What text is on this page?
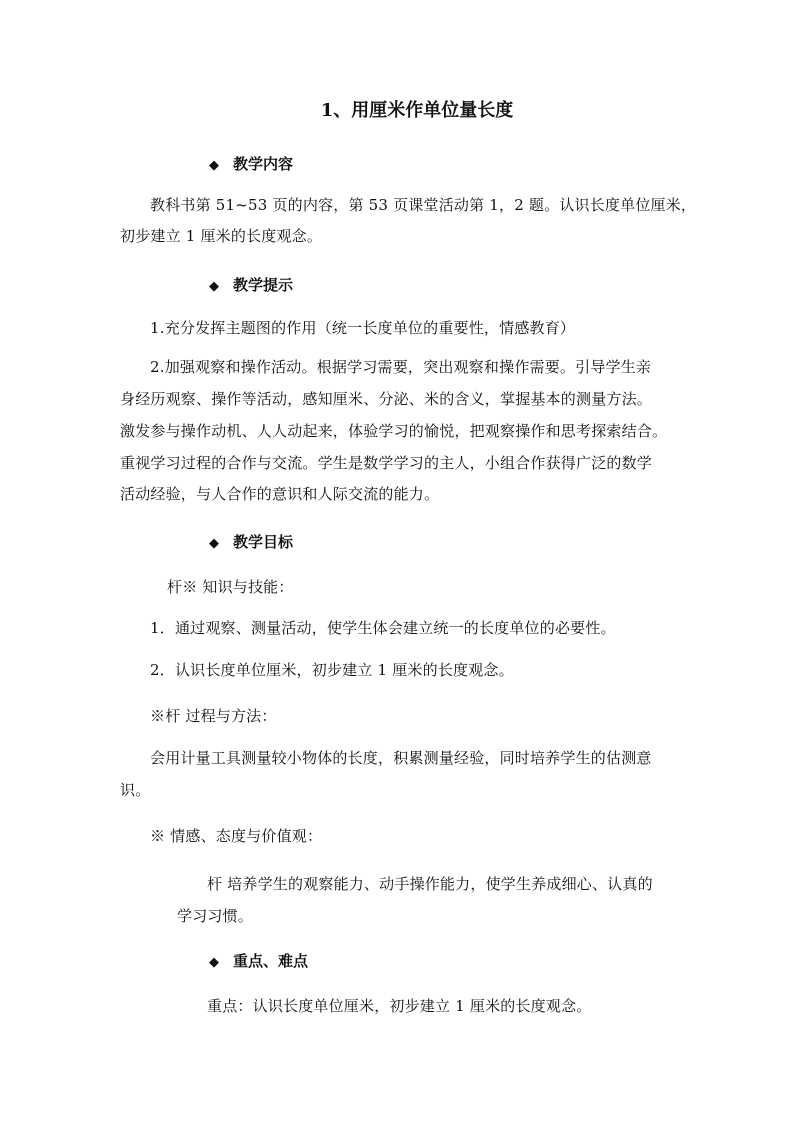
1、用厘米作单位量长度
◆ 教学内容
教科书第 51~53 页的内容，第 53 页课堂活动第 1，2 题。认识长度单位厘米，
初步建立 1 厘米的长度观念。
◆ 教学提示
1.充分发挥主题图的作用（统一长度单位的重要性，情感教育）
2.加强观察和操作活动。根据学习需要，突出观察和操作需要。引导学生亲
身经历观察、操作等活动，感知厘米、分泌、米的含义，掌握基本的测量方法。
激发参与操作动机、人人动起来，体验学习的愉悦，把观察操作和思考探索结合。
重视学习过程的合作与交流。学生是数学学习的主人，小组合作获得广泛的数学
活动经验，与人合作的意识和人际交流的能力。
◆ 教学目标
杆※ 知识与技能：
1．通过观察、测量活动，使学生体会建立统一的长度单位的必要性。
2．认识长度单位厘米，初步建立 1 厘米的长度观念。
※杆 过程与方法：
会用计量工具测量较小物体的长度，积累测量经验，同时培养学生的估测意
识。
※ 情感、态度与价值观：
杆 培养学生的观察能力、动手操作能力，使学生养成细心、认真的
学习习惯。
◆ 重点、难点
重点：认识长度单位厘米，初步建立 1 厘米的长度观念。
